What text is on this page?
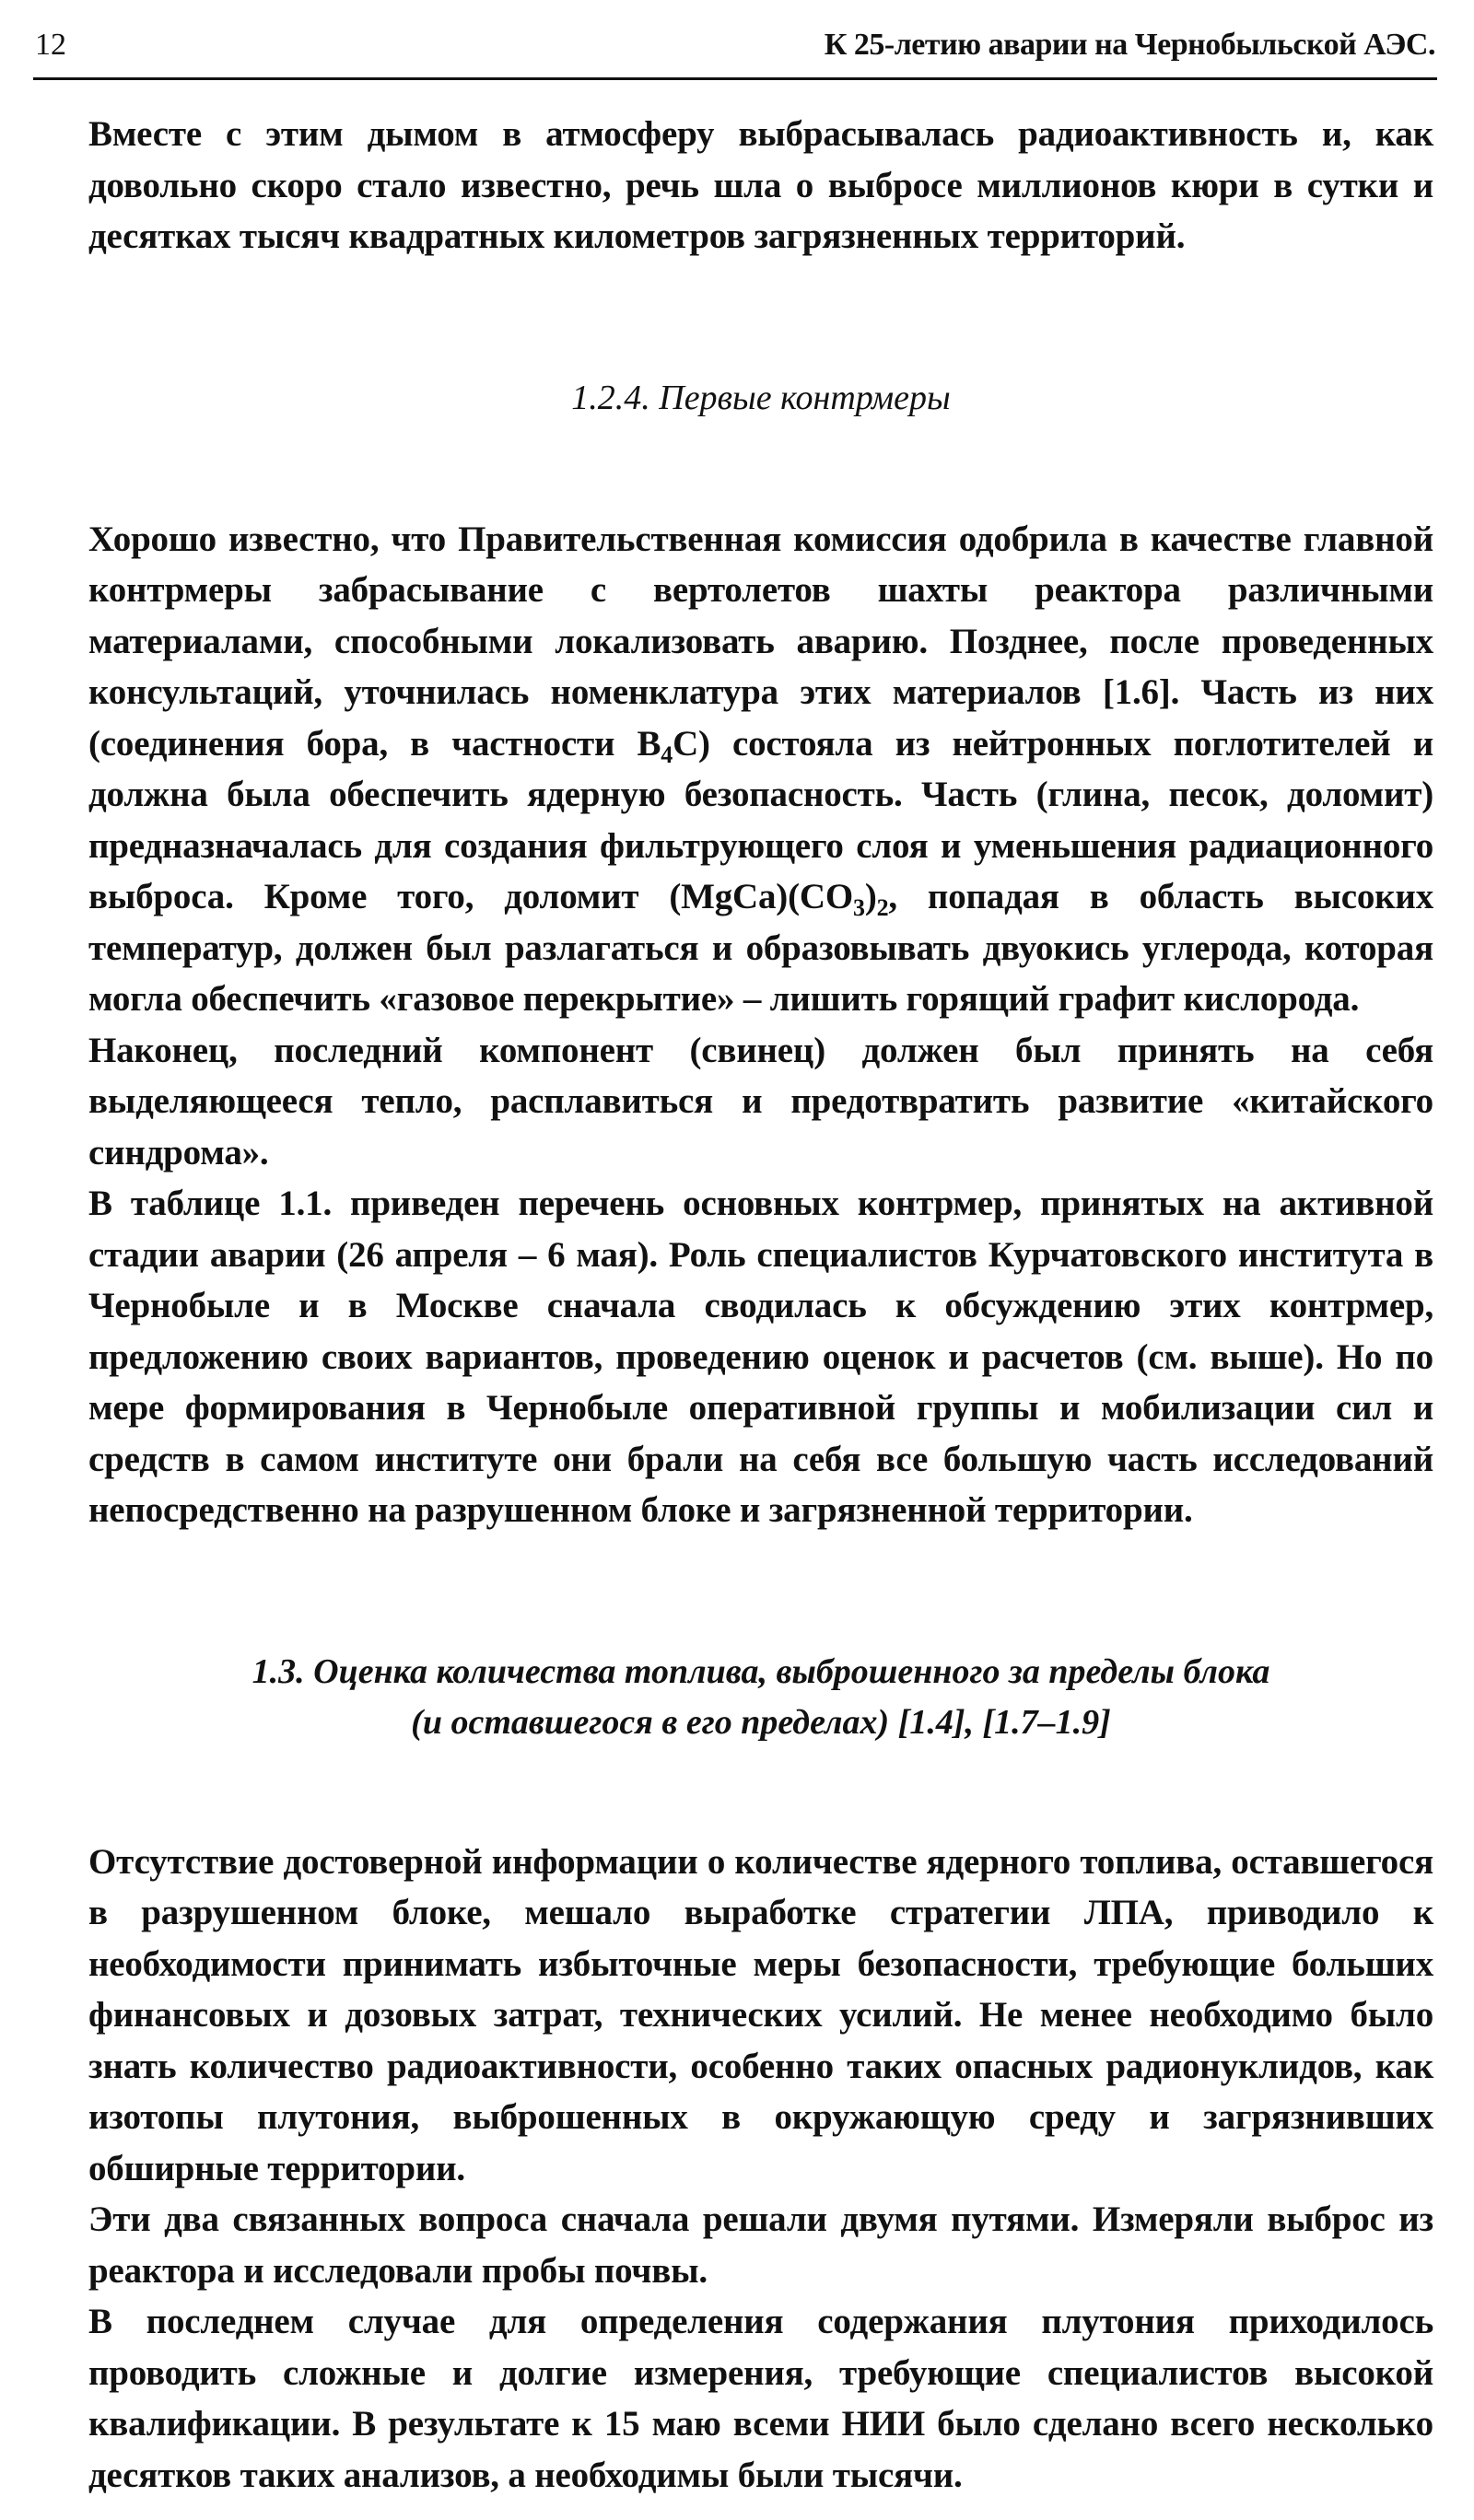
12	К 25-летию аварии на Чернобыльской АЭС.

Вместе с этим дымом в атмосферу выбрасывалась радиоактивность и, как довольно скоро стало известно, речь шла о выбросе миллионов кюри в сутки и десятках тысяч квадратных километров загрязненных территорий.

1.2.4. Первые контрмеры

Хорошо известно, что Правительственная комиссия одобрила в качестве главной контрмеры забрасывание с вертолетов шахты реактора различными материалами, способными локализовать аварию. Позднее, после проведенных консультаций, уточнилась номенклатура этих материалов [1.6]. Часть из них (соединения бора, в частности $B_4C$) состояла из нейтронных поглотителей и должна была обеспечить ядерную безопасность. Часть (глина, песок, доломит) предназначалась для создания фильтрующего слоя и уменьшения радиационного выброса. Кроме того, доломит $(MgCa)(CO_3)_2$, попадая в область высоких температур, должен был разлагаться и образовывать двуокись углерода, которая могла обеспечить «газовое перекрытие» – лишить горящий графит кислорода.

Наконец, последний компонент (свинец) должен был принять на себя выделяющееся тепло, расплавиться и предотвратить развитие «китайского синдрома».

В таблице 1.1. приведен перечень основных контрмер, принятых на активной стадии аварии (26 апреля – 6 мая). Роль специалистов Курчатовского института в Чернобыле и в Москве сначала сводилась к обсуждению этих контрмер, предложению своих вариантов, проведению оценок и расчетов (см. выше). Но по мере формирования в Чернобыле оперативной группы и мобилизации сил и средств в самом институте они брали на себя все большую часть исследований непосредственно на разрушенном блоке и загрязненной территории.

1.3. Оценка количества топлива, выброшенного за пределы блока
(и оставшегося в его пределах) [1.4], [1.7–1.9]

Отсутствие достоверной информации о количестве ядерного топлива, оставшегося в разрушенном блоке, мешало выработке стратегии ЛПА, приводило к необходимости принимать избыточные меры безопасности, требующие больших финансовых и дозовых затрат, технических усилий. Не менее необходимо было знать количество радиоактивности, особенно таких опасных радионуклидов, как изотопы плутония, выброшенных в окружающую среду и загрязнивших обширные территории.

Эти два связанных вопроса сначала решали двумя путями. Измеряли выброс из реактора и исследовали пробы почвы.

В последнем случае для определения содержания плутония приходилось проводить сложные и долгие измерения, требующие специалистов высокой квалификации. В результате к 15 маю всеми НИИ было сделано всего несколько десятков таких анализов, а необходимы были тысячи.
